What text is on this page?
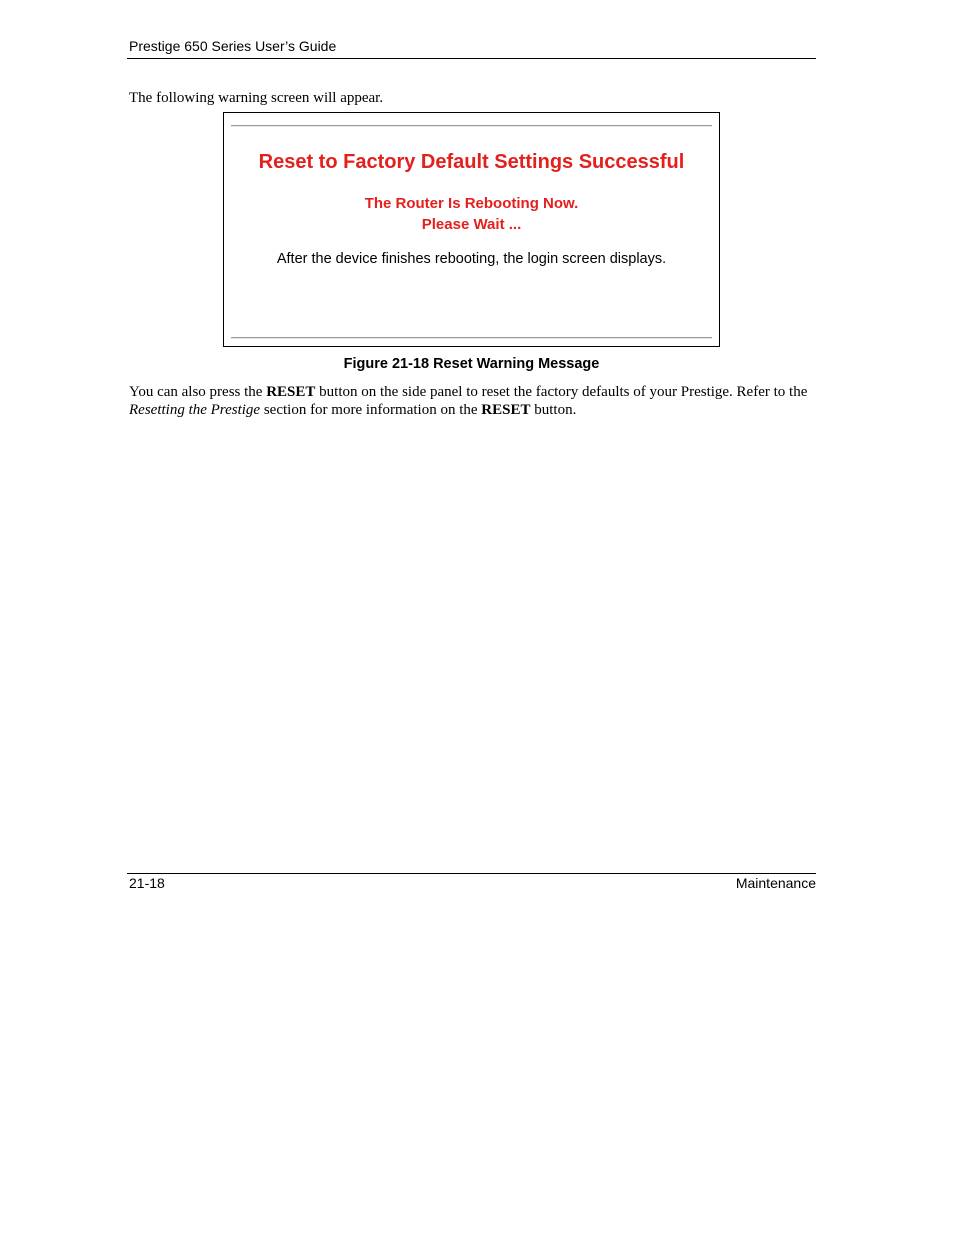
Prestige 650 Series User’s Guide
The following warning screen will appear.
Reset to Factory Default Settings Successful
The Router Is Rebooting Now.
Please Wait ...
After the device finishes rebooting, the login screen displays.
Figure 21-18 Reset Warning Message
You can also press the RESET button on the side panel to reset the factory defaults of your Prestige. Refer to the Resetting the Prestige section for more information on the RESET button.
21-18	Maintenance
